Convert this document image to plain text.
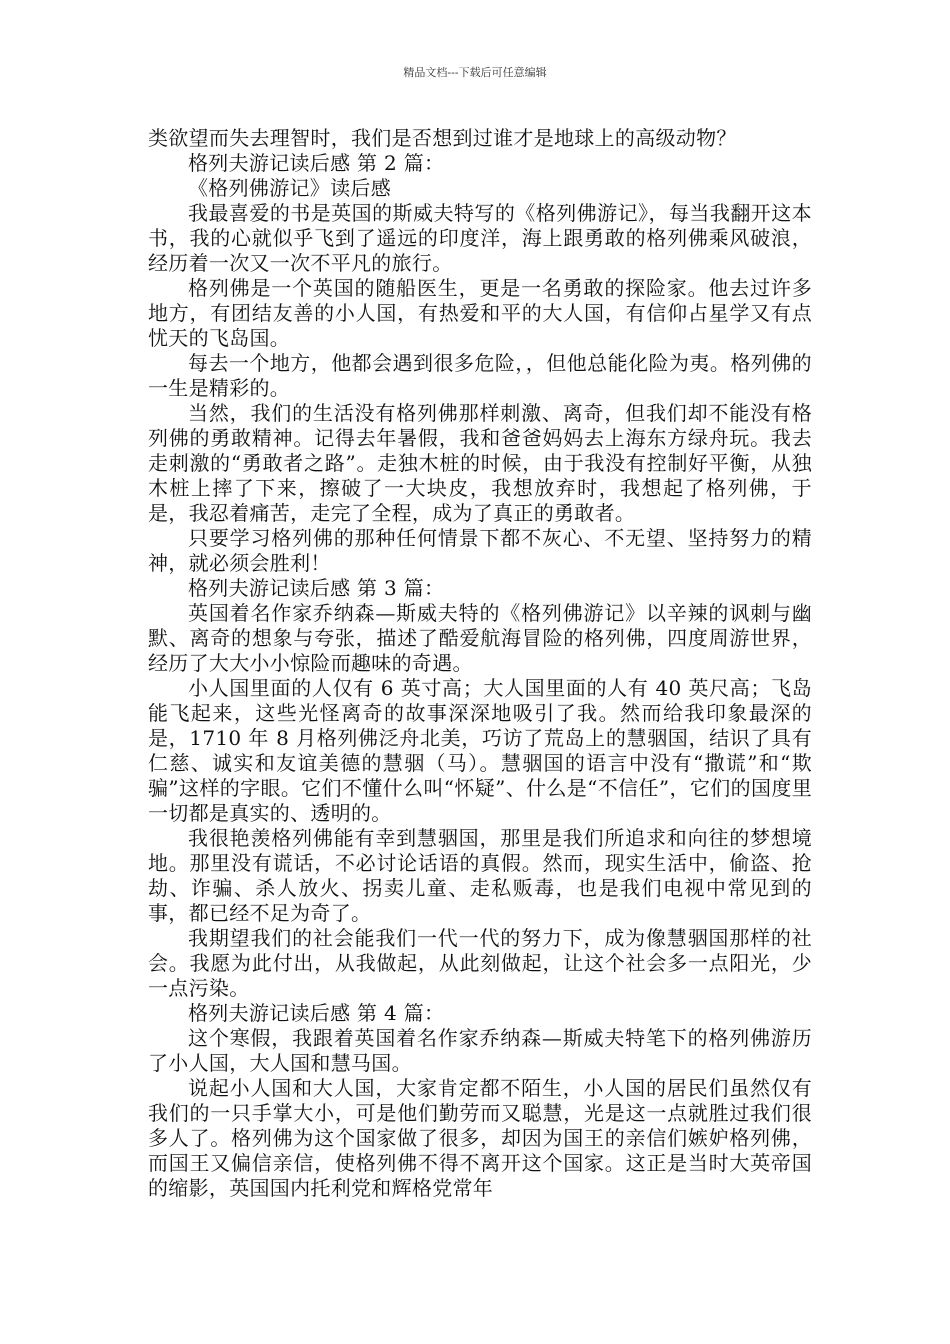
精品文档---下载后可任意编辑

类欲望而失去理智时，我们是否想到过谁才是地球上的高级动物？

格列夫游记读后感 第 2 篇：

《格列佛游记》读后感

我最喜爱的书是英国的斯威夫特写的《格列佛游记》，每当我翻开这本书，我的心就似乎飞到了遥远的印度洋，海上跟勇敢的格列佛乘风破浪，经历着一次又一次不平凡的旅行。

格列佛是一个英国的随船医生，更是一名勇敢的探险家。他去过许多地方，有团结友善的小人国，有热爱和平的大人国，有信仰占星学又有点忧天的飞岛国。

每去一个地方，他都会遇到很多危险，，但他总能化险为夷。格列佛的一生是精彩的。

当然，我们的生活没有格列佛那样刺激、离奇，但我们却不能没有格列佛的勇敢精神。记得去年暑假，我和爸爸妈妈去上海东方绿舟玩。我去走刺激的“勇敢者之路”。走独木桩的时候，由于我没有控制好平衡，从独木桩上摔了下来，擦破了一大块皮，我想放弃时，我想起了格列佛，于是，我忍着痛苦，走完了全程，成为了真正的勇敢者。

只要学习格列佛的那种任何情景下都不灰心、不无望、坚持努力的精神，就必须会胜利！

格列夫游记读后感 第 3 篇：

英国着名作家乔纳森—斯威夫特的《格列佛游记》以辛辣的讽刺与幽默、离奇的想象与夸张，描述了酷爱航海冒险的格列佛，四度周游世界，经历了大大小小惊险而趣味的奇遇。

小人国里面的人仅有 6 英寸高；大人国里面的人有 40 英尺高；飞岛能飞起来，这些光怪离奇的故事深深地吸引了我。然而给我印象最深的是，1710 年 8 月格列佛泛舟北美，巧访了荒岛上的慧骃国，结识了具有仁慈、诚实和友谊美德的慧骃（马）。慧骃国的语言中没有“撒谎”和“欺骗”这样的字眼。它们不懂什么叫“怀疑”、什么是“不信任”，它们的国度里一切都是真实的、透明的。

我很艳羡格列佛能有幸到慧骃国，那里是我们所追求和向往的梦想境地。那里没有谎话，不必讨论话语的真假。然而，现实生活中，偷盗、抢劫、诈骗、杀人放火、拐卖儿童、走私贩毒，也是我们电视中常见到的事，都已经不足为奇了。

我期望我们的社会能我们一代一代的努力下，成为像慧骃国那样的社会。我愿为此付出，从我做起，从此刻做起，让这个社会多一点阳光，少一点污染。

格列夫游记读后感 第 4 篇：

这个寒假，我跟着英国着名作家乔纳森—斯威夫特笔下的格列佛游历了小人国，大人国和慧马国。

说起小人国和大人国，大家肯定都不陌生，小人国的居民们虽然仅有我们的一只手掌大小，可是他们勤劳而又聪慧，光是这一点就胜过我们很多人了。格列佛为这个国家做了很多，却因为国王的亲信们嫉妒格列佛，而国王又偏信亲信，使格列佛不得不离开这个国家。这正是当时大英帝国的缩影，英国国内托利党和辉格党常年
